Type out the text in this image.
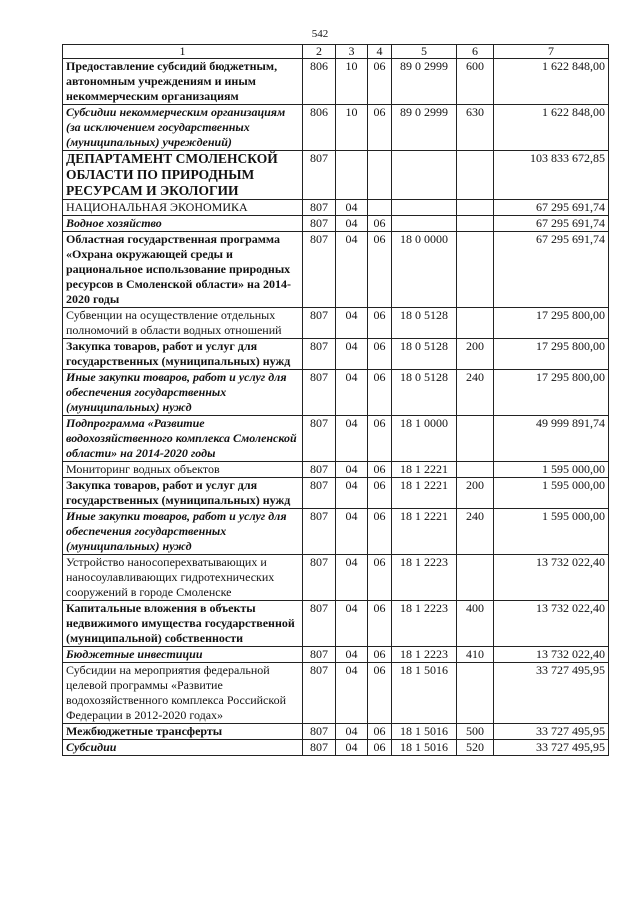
542
1	2	3	4	5	6	7
Предоставление субсидий бюджетным, автономным учреждениям и иным некоммерческим организациям	806	10	06	89 0 2999	600	1 622 848,00
Субсидии некоммерческим организациям (за исключением государственных (муниципальных) учреждений)	806	10	06	89 0 2999	630	1 622 848,00
ДЕПАРТАМЕНТ СМОЛЕНСКОЙ ОБЛАСТИ ПО ПРИРОДНЫМ РЕСУРСАМ И ЭКОЛОГИИ	807					103 833 672,85
НАЦИОНАЛЬНАЯ ЭКОНОМИКА	807	04				67 295 691,74
Водное хозяйство	807	04	06			67 295 691,74
Областная государственная программа «Охрана окружающей среды и рациональное использование природных ресурсов в Смоленской области» на 2014-2020 годы	807	04	06	18 0 0000		67 295 691,74
Субвенции на осуществление отдельных полномочий в области водных отношений	807	04	06	18 0 5128		17 295 800,00
Закупка товаров, работ и услуг для государственных (муниципальных) нужд	807	04	06	18 0 5128	200	17 295 800,00
Иные закупки товаров, работ и услуг для обеспечения государственных (муниципальных) нужд	807	04	06	18 0 5128	240	17 295 800,00
Подпрограмма «Развитие водохозяйственного комплекса Смоленской области» на 2014-2020 годы	807	04	06	18 1 0000		49 999 891,74
Мониторинг водных объектов	807	04	06	18 1 2221		1 595 000,00
Закупка товаров, работ и услуг для государственных (муниципальных) нужд	807	04	06	18 1 2221	200	1 595 000,00
Иные закупки товаров, работ и услуг для обеспечения государственных (муниципальных) нужд	807	04	06	18 1 2221	240	1 595 000,00
Устройство наносоперехватывающих и наносоулавливающих гидротехнических сооружений в городе Смоленске	807	04	06	18 1 2223		13 732 022,40
Капитальные вложения в объекты недвижимого имущества государственной (муниципальной) собственности	807	04	06	18 1 2223	400	13 732 022,40
Бюджетные инвестиции	807	04	06	18 1 2223	410	13 732 022,40
Субсидии на мероприятия федеральной целевой программы «Развитие водохозяйственного комплекса Российской Федерации в 2012-2020 годах»	807	04	06	18 1 5016		33 727 495,95
Межбюджетные трансферты	807	04	06	18 1 5016	500	33 727 495,95
Субсидии	807	04	06	18 1 5016	520	33 727 495,95
